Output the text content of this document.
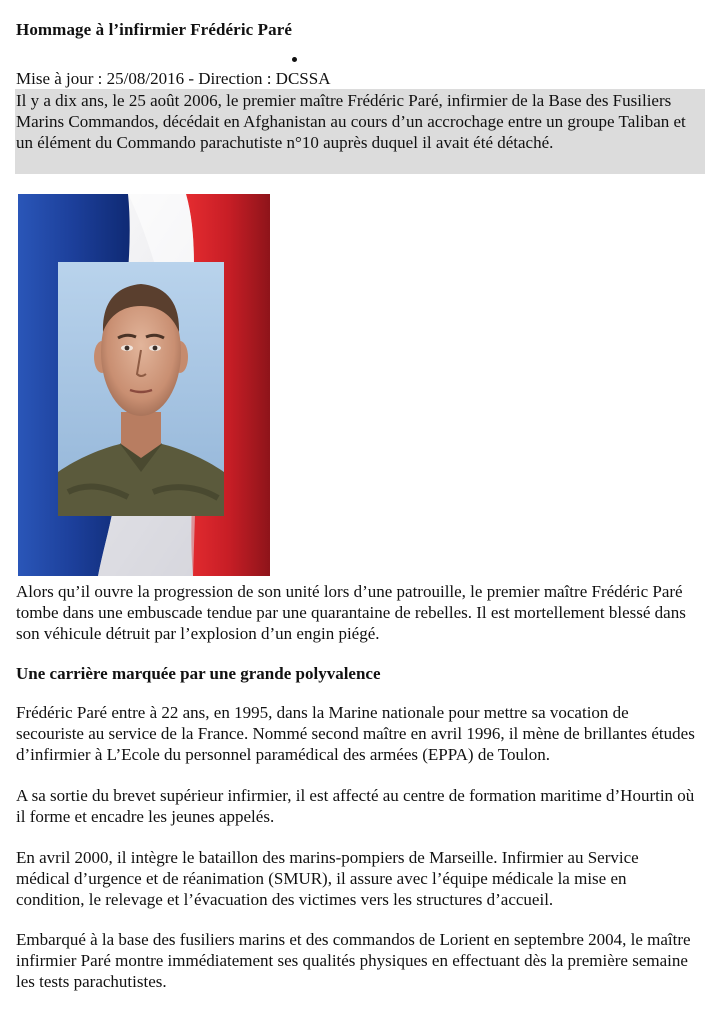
Hommage à l’infirmier Frédéric Paré
Mise à jour : 25/08/2016 - Direction : DCSSA
Il y a dix ans, le 25 août 2006, le premier maître Frédéric Paré, infirmier de la Base des Fusiliers Marins Commandos, décédait en Afghanistan au cours d’un accrochage entre un groupe Taliban et un élément du Commando parachutiste n°10 auprès duquel il avait été détaché.
Alors qu’il ouvre la progression de son unité lors d’une patrouille, le premier maître Frédéric Paré tombe dans une embuscade tendue par une quarantaine de rebelles. Il est mortellement blessé dans son véhicule détruit par l’explosion d’un engin piégé.
Une carrière marquée par une grande polyvalence
Frédéric Paré entre à 22 ans, en 1995, dans la Marine nationale pour mettre sa vocation de secouriste au service de la France. Nommé second maître en avril 1996, il mène de brillantes études d’infirmier à L’Ecole du personnel paramédical des armées (EPPA) de Toulon.
A sa sortie du brevet supérieur infirmier, il est affecté au centre de formation maritime d’Hourtin où il forme et encadre les jeunes appelés.
En avril 2000, il intègre le bataillon des marins-pompiers de Marseille. Infirmier au Service médical d’urgence et de réanimation (SMUR), il assure avec l’équipe médicale la mise en condition, le relevage et l’évacuation des victimes vers les structures d’accueil.
Embarqué à la base des fusiliers marins et des commandos de Lorient en septembre 2004, le maître infirmier Paré montre immédiatement ses qualités physiques en effectuant dès la première semaine les tests parachutistes.
